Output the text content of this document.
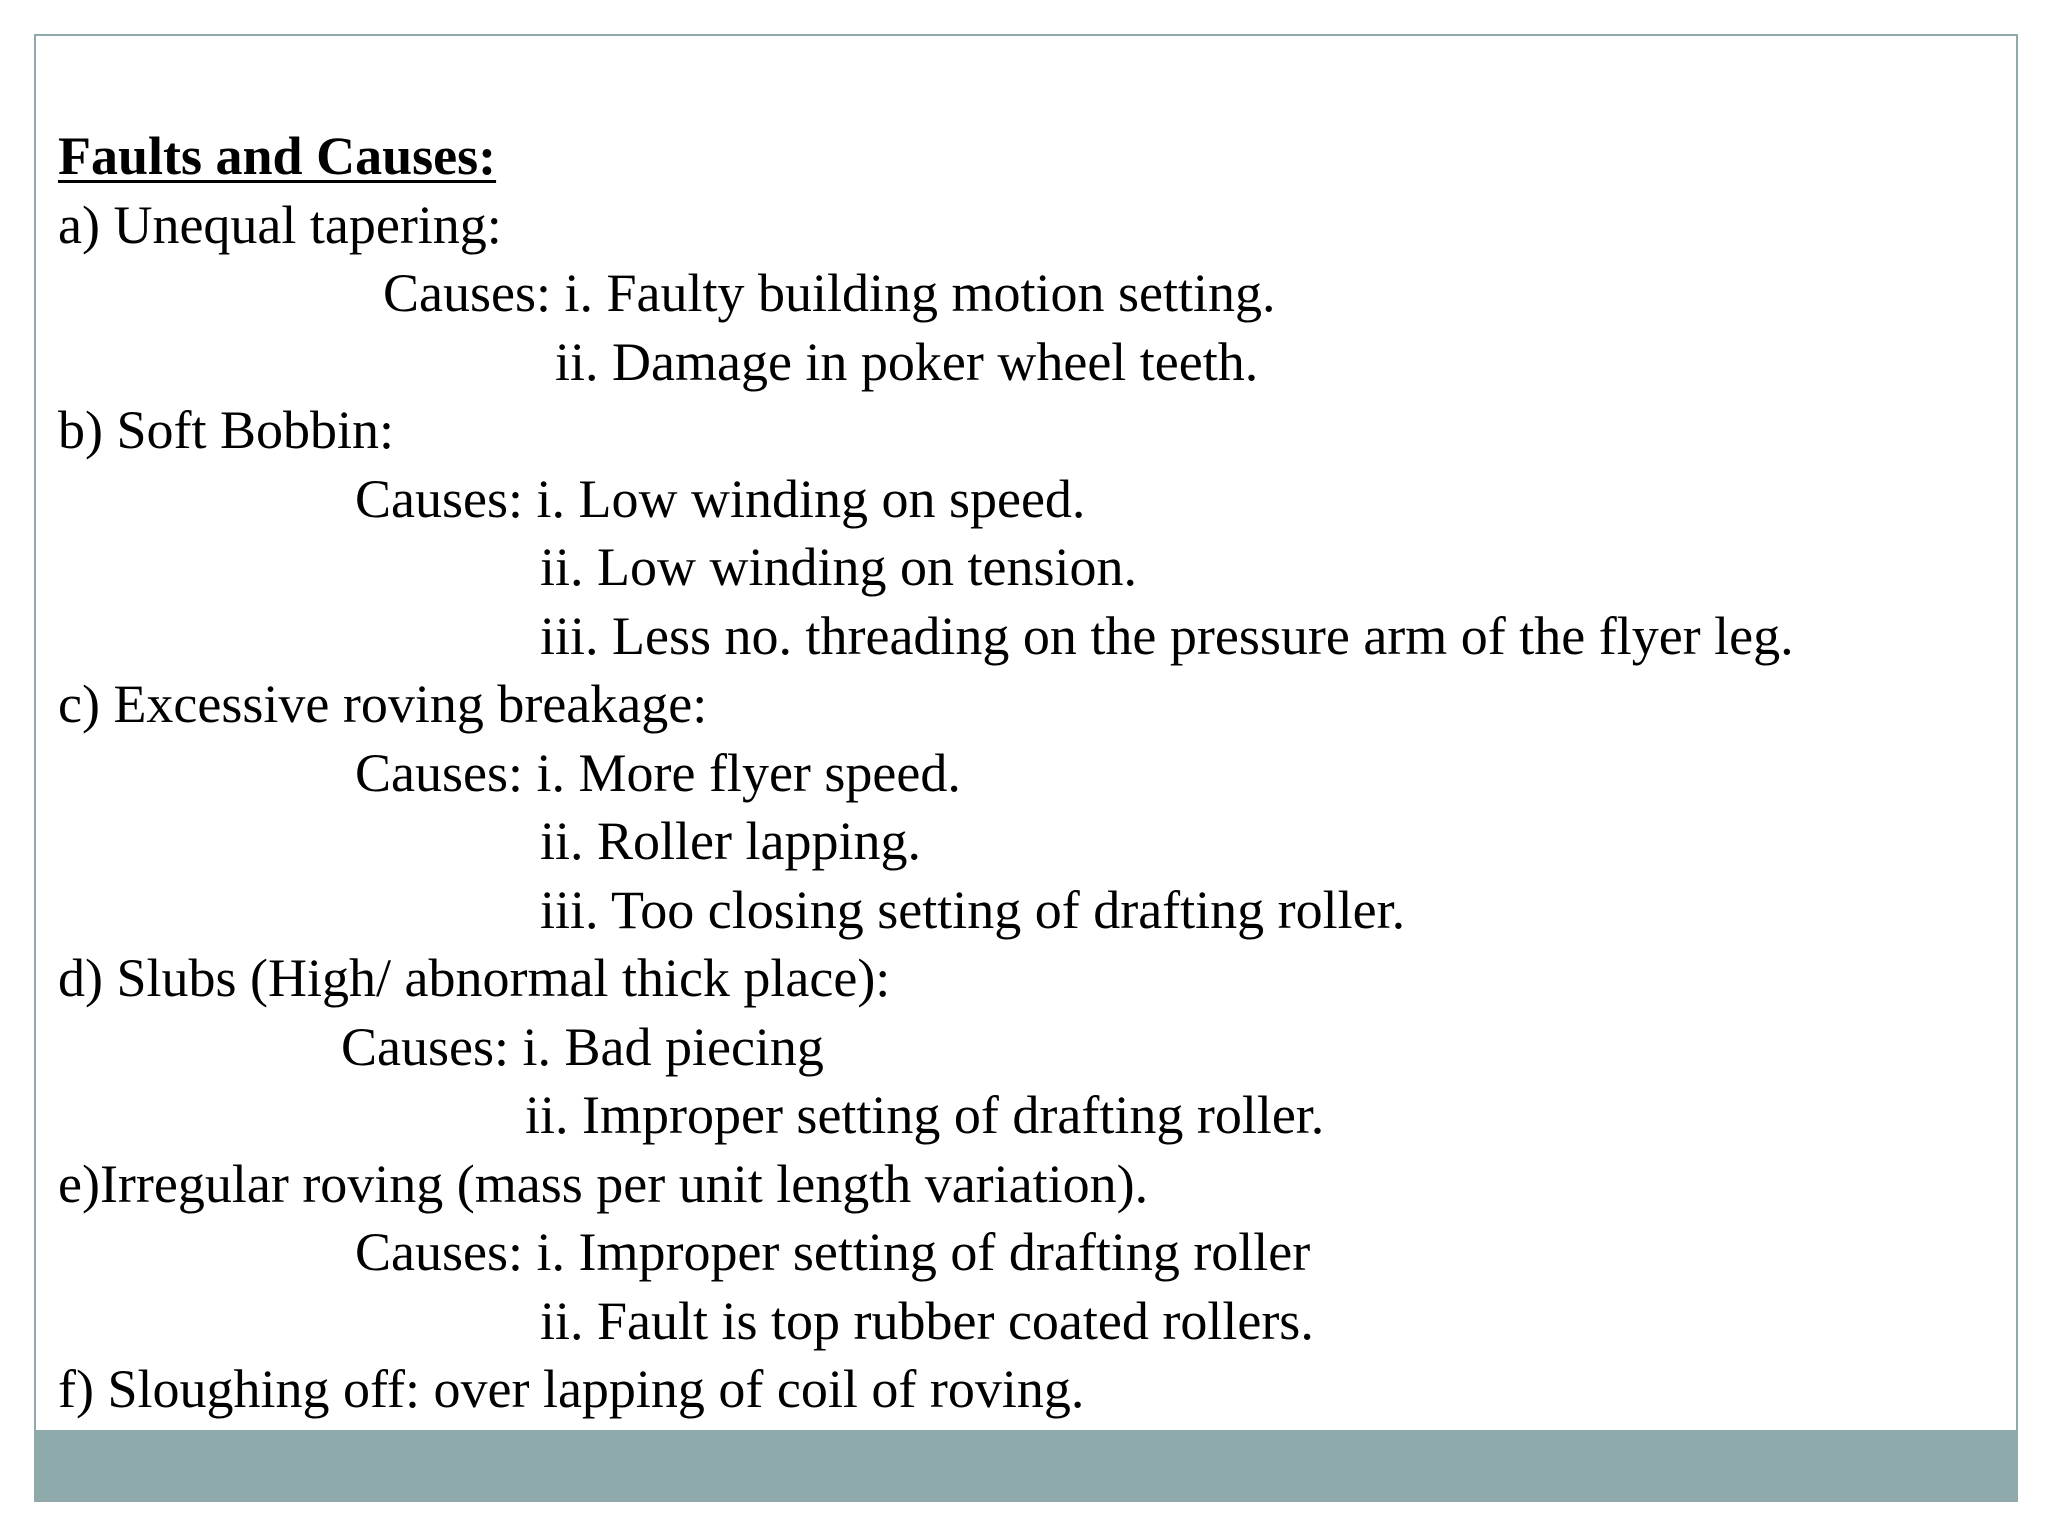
Faults and Causes:
a) Unequal tapering:
Causes: i. Faulty building motion setting.
ii. Damage in poker wheel teeth.
b) Soft Bobbin:
Causes: i. Low winding on speed.
ii. Low winding on tension.
iii. Less no. threading on the pressure arm of the flyer leg.
c) Excessive roving breakage:
Causes: i. More flyer speed.
ii. Roller lapping.
iii. Too closing setting of drafting roller.
d) Slubs (High/ abnormal thick place):
Causes: i. Bad piecing
ii. Improper setting of drafting roller.
e)Irregular roving (mass per unit length variation).
Causes: i. Improper setting of drafting roller
ii. Fault is top rubber coated rollers.
f) Sloughing off: over lapping of coil of roving.
